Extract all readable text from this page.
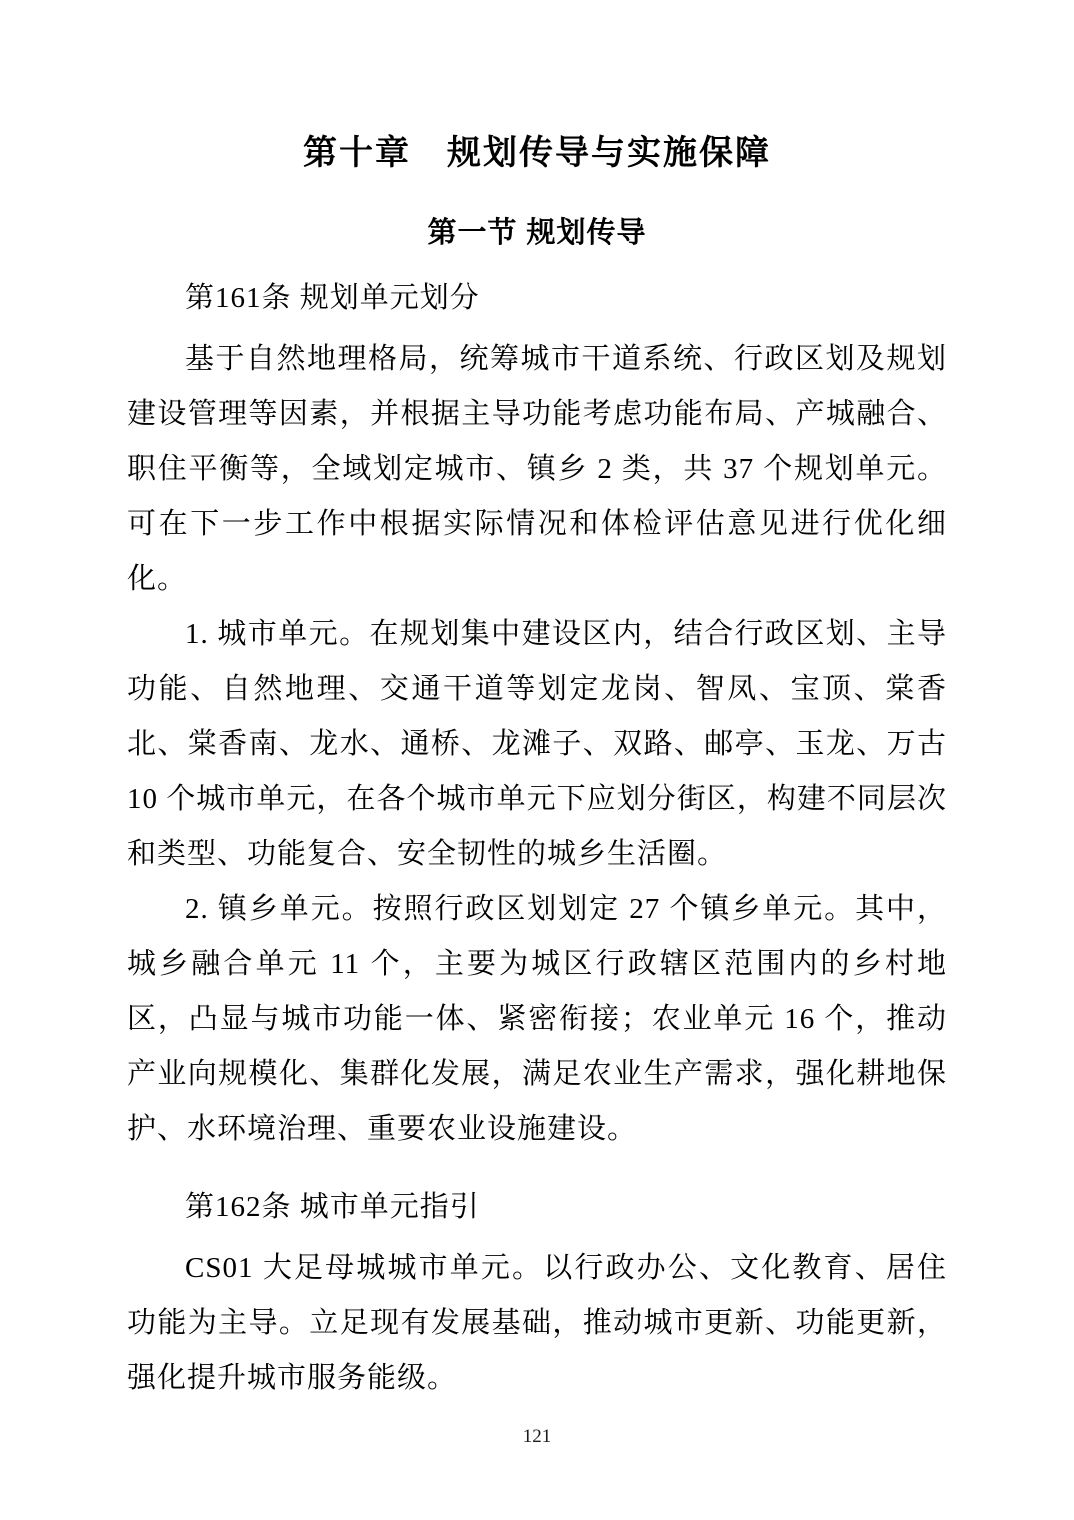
第十章　规划传导与实施保障
第一节 规划传导
第161条 规划单元划分

基于自然地理格局，统筹城市干道系统、行政区划及规划建设管理等因素，并根据主导功能考虑功能布局、产城融合、职住平衡等，全域划定城市、镇乡 2 类，共 37 个规划单元。可在下一步工作中根据实际情况和体检评估意见进行优化细化。

1. 城市单元。在规划集中建设区内，结合行政区划、主导功能、自然地理、交通干道等划定龙岗、智凤、宝顶、棠香北、棠香南、龙水、通桥、龙滩子、双路、邮亭、玉龙、万古 10 个城市单元，在各个城市单元下应划分街区，构建不同层次和类型、功能复合、安全韧性的城乡生活圈。

2. 镇乡单元。按照行政区划划定 27 个镇乡单元。其中，城乡融合单元 11 个，主要为城区行政辖区范围内的乡村地区，凸显与城市功能一体、紧密衔接；农业单元 16 个，推动产业向规模化、集群化发展，满足农业生产需求，强化耕地保护、水环境治理、重要农业设施建设。

第162条 城市单元指引

CS01 大足母城城市单元。以行政办公、文化教育、居住功能为主导。立足现有发展基础，推动城市更新、功能更新，强化提升城市服务能级。

121
